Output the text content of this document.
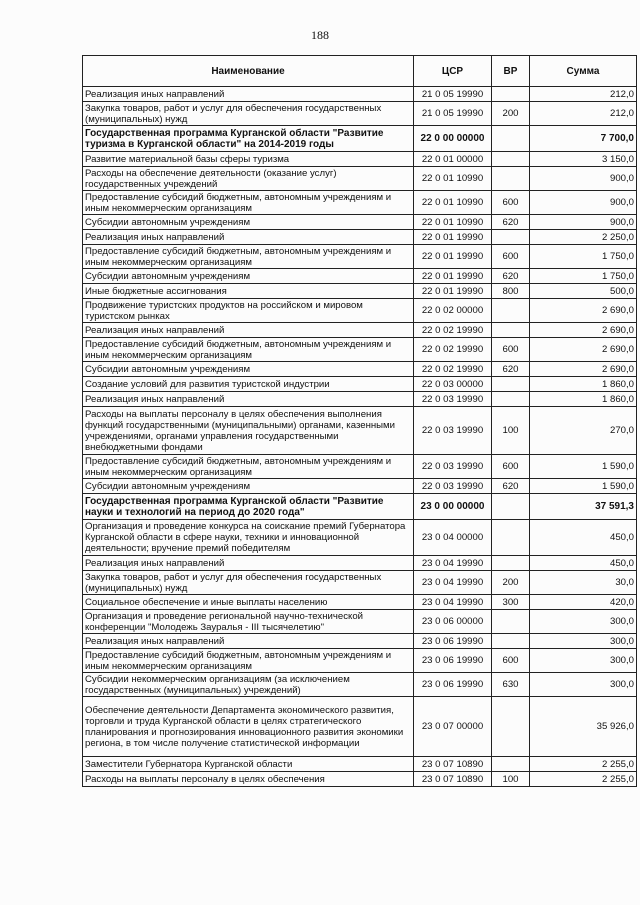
188
Наименование	ЦСР	ВР	Сумма
Реализация иных направлений	21 0 05 19990		212,0
Закупка товаров, работ и услуг для обеспечения государственных (муниципальных) нужд	21 0 05 19990	200	212,0
Государственная программа Курганской области "Развитие туризма в Курганской области" на 2014-2019 годы	22 0 00 00000		7 700,0
Развитие материальной базы сферы туризма	22 0 01 00000		3 150,0
Расходы на обеспечение деятельности (оказание услуг) государственных учреждений	22 0 01 10990		900,0
Предоставление субсидий бюджетным, автономным учреждениям и иным некоммерческим организациям	22 0 01 10990	600	900,0
Субсидии автономным учреждениям	22 0 01 10990	620	900,0
Реализация иных направлений	22 0 01 19990		2 250,0
Предоставление субсидий бюджетным, автономным учреждениям и иным некоммерческим организациям	22 0 01 19990	600	1 750,0
Субсидии автономным учреждениям	22 0 01 19990	620	1 750,0
Иные бюджетные ассигнования	22 0 01 19990	800	500,0
Продвижение туристских продуктов на российском и мировом туристском рынках	22 0 02 00000		2 690,0
Реализация иных направлений	22 0 02 19990		2 690,0
Предоставление субсидий бюджетным, автономным учреждениям и иным некоммерческим организациям	22 0 02 19990	600	2 690,0
Субсидии автономным учреждениям	22 0 02 19990	620	2 690,0
Создание условий для развития туристской индустрии	22 0 03 00000		1 860,0
Реализация иных направлений	22 0 03 19990		1 860,0
Расходы на выплаты персоналу в целях обеспечения выполнения функций государственными (муниципальными) органами, казенными учреждениями, органами управления государственными внебюджетными фондами	22 0 03 19990	100	270,0
Предоставление субсидий бюджетным, автономным учреждениям и иным некоммерческим организациям	22 0 03 19990	600	1 590,0
Субсидии автономным учреждениям	22 0 03 19990	620	1 590,0
Государственная программа Курганской области "Развитие науки и технологий на период до 2020 года"	23 0 00 00000		37 591,3
Организация и проведение конкурса на соискание премий Губернатора Курганской области в сфере науки, техники и инновационной деятельности; вручение премий победителям	23 0 04 00000		450,0
Реализация иных направлений	23 0 04 19990		450,0
Закупка товаров, работ и услуг для обеспечения государственных (муниципальных) нужд	23 0 04 19990	200	30,0
Социальное обеспечение и иные выплаты населению	23 0 04 19990	300	420,0
Организация и проведение региональной научно-технической конференции "Молодежь Зауралья - III тысячелетию"	23 0 06 00000		300,0
Реализация иных направлений	23 0 06 19990		300,0
Предоставление субсидий бюджетным, автономным учреждениям и иным некоммерческим организациям	23 0 06 19990	600	300,0
Субсидии некоммерческим организациям (за исключением государственных (муниципальных) учреждений)	23 0 06 19990	630	300,0
Обеспечение деятельности Департамента экономического развития, торговли и труда Курганской области в целях стратегического планирования и прогнозирования инновационного развития экономики региона, в том числе получение статистической информации	23 0 07 00000		35 926,0
Заместители Губернатора Курганской области	23 0 07 10890		2 255,0
Расходы на выплаты персоналу в целях обеспечения	23 0 07 10890	100	2 255,0
